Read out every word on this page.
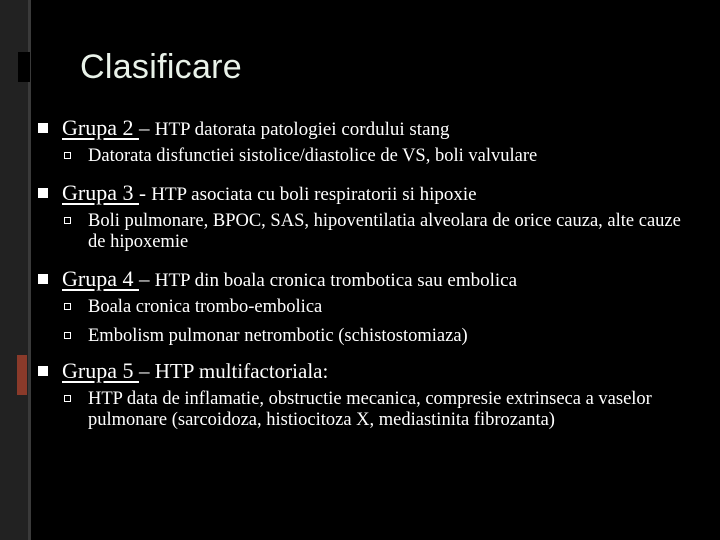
Clasificare
Grupa 2 – HTP datorata patologiei cordului stang
Datorata disfunctiei sistolice/diastolice de VS, boli valvulare
Grupa 3 - HTP asociata cu boli respiratorii si hipoxie
Boli pulmonare, BPOC, SAS, hipoventilatia alveolara de orice cauza, alte cauze de hipoxemie
Grupa 4 – HTP din boala cronica trombotica sau embolica
Boala cronica trombo-embolica
Embolism pulmonar netrombotic (schistostomiaza)
Grupa 5 – HTP multifactoriala:
HTP data de inflamatie, obstructie mecanica, compresie extrinseca a vaselor pulmonare (sarcoidoza, histiocitoza X, mediastinita fibrozanta)
